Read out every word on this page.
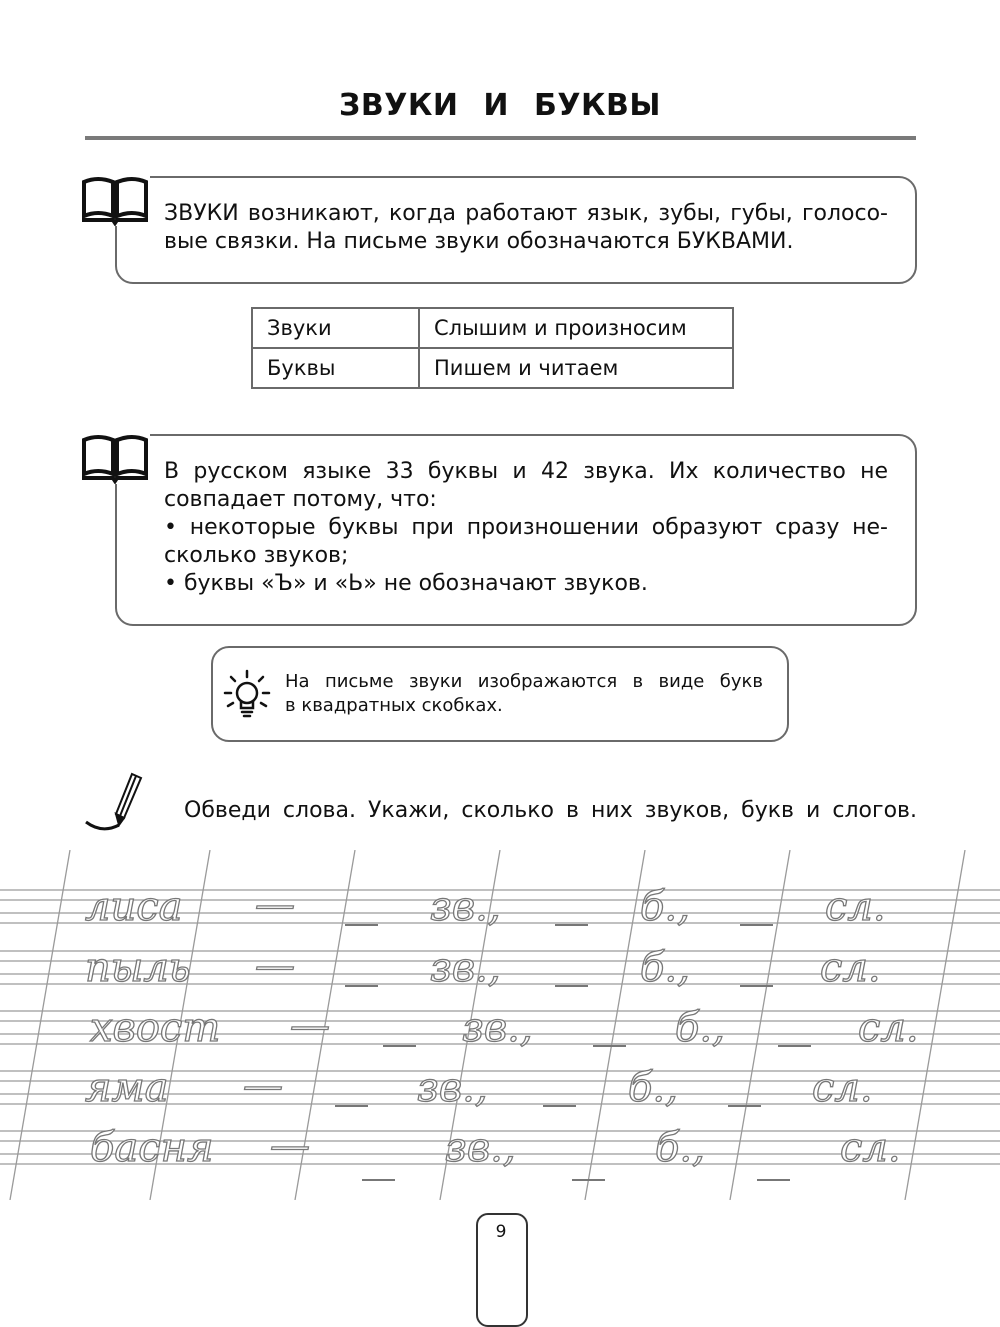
ЗВУКИ И БУКВЫ
ЗВУКИ возникают, когда работают язык, зубы, губы, голосо-
вые связки. На письме звуки обозначаются БУКВАМИ.
Звуки	Слышим и произносим
Буквы	Пишем и читаем
В русском языке 33 буквы и 42 звука. Их количество не
совпадает потому, что:
• некоторые буквы при произношении образуют сразу не-
сколько звуков;
• буквы «Ъ» и «Ь» не обозначают звуков.
На письме звуки изображаются в виде букв
в квадратных скобках.
Обведи слова. Укажи, сколько в них звуков, букв и слогов.
лиса —	зв.,	б.,	сл.
пыль —	зв.,	б.,	сл.
хвост —	зв.,	б.,	сл.
яма —	зв.,	б.,	сл.
басня —	зв.,	б.,	сл.
9
